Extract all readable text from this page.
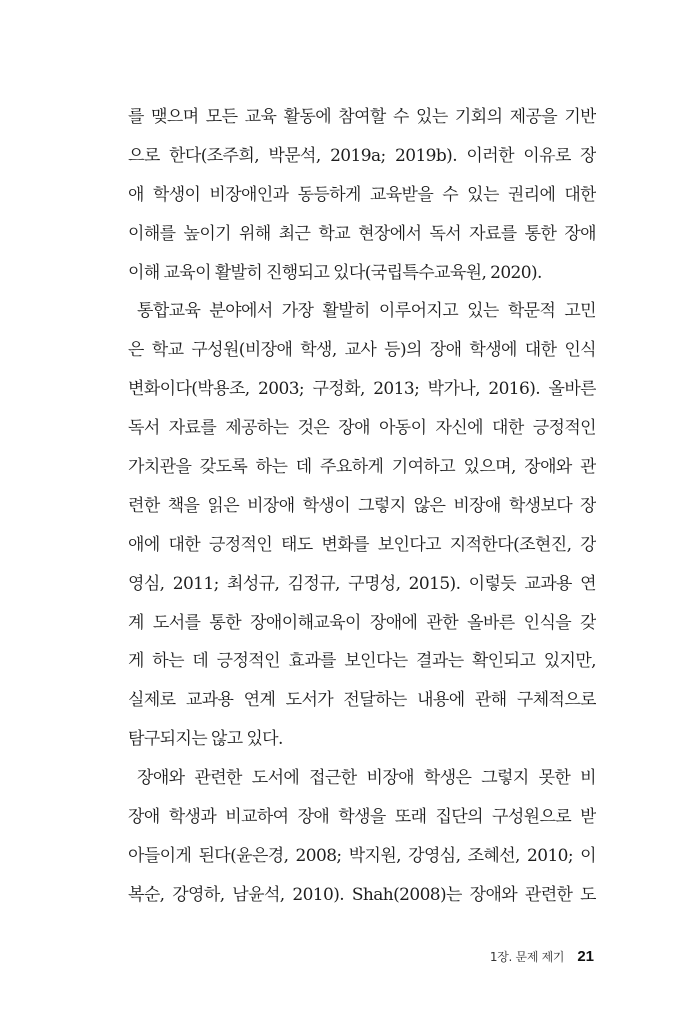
를 맺으며 모든 교육 활동에 참여할 수 있는 기회의 제공을 기반
으로 한다(조주희, 박문석, 2019a; 2019b). 이러한 이유로 장
애 학생이 비장애인과 동등하게 교육받을 수 있는 권리에 대한
이해를 높이기 위해 최근 학교 현장에서 독서 자료를 통한 장애
이해 교육이 활발히 진행되고 있다(국립특수교육원, 2020).
통합교육 분야에서 가장 활발히 이루어지고 있는 학문적 고민
은 학교 구성원(비장애 학생, 교사 등)의 장애 학생에 대한 인식
변화이다(박용조, 2003; 구정화, 2013; 박가나, 2016). 올바른
독서 자료를 제공하는 것은 장애 아동이 자신에 대한 긍정적인
가치관을 갖도록 하는 데 주요하게 기여하고 있으며, 장애와 관
련한 책을 읽은 비장애 학생이 그렇지 않은 비장애 학생보다 장
애에 대한 긍정적인 태도 변화를 보인다고 지적한다(조현진, 강
영심, 2011; 최성규, 김정규, 구명성, 2015). 이렇듯 교과용 연
계 도서를 통한 장애이해교육이 장애에 관한 올바른 인식을 갖
게 하는 데 긍정적인 효과를 보인다는 결과는 확인되고 있지만,
실제로 교과용 연계 도서가 전달하는 내용에 관해 구체적으로
탐구되지는 않고 있다.
장애와 관련한 도서에 접근한 비장애 학생은 그렇지 못한 비
장애 학생과 비교하여 장애 학생을 또래 집단의 구성원으로 받
아들이게 된다(윤은경, 2008; 박지원, 강영심, 조혜선, 2010; 이
복순, 강영하, 남윤석, 2010). Shah(2008)는 장애와 관련한 도
1장. 문제 제기 21
